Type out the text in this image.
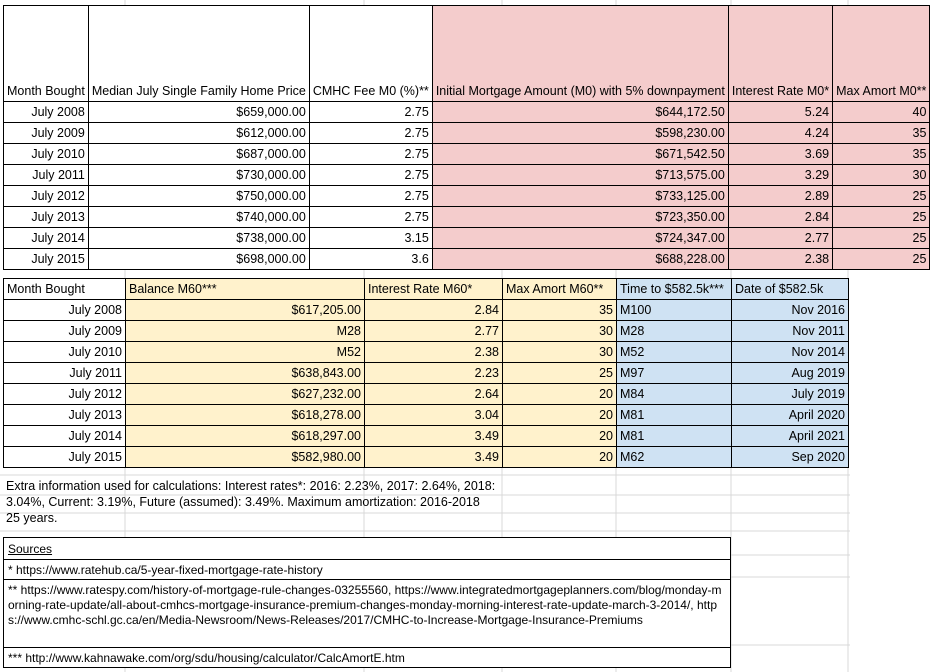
Month Bought	Median July Single Family Home Price	CMHC Fee M0 (%)**	Initial Mortgage Amount (M0) with 5% downpayment	Interest Rate M0*	Max Amort M0**
July 2008	$659,000.00	2.75	$644,172.50	5.24	40
July 2009	$612,000.00	2.75	$598,230.00	4.24	35
July 2010	$687,000.00	2.75	$671,542.50	3.69	35
July 2011	$730,000.00	2.75	$713,575.00	3.29	30
July 2012	$750,000.00	2.75	$733,125.00	2.89	25
July 2013	$740,000.00	2.75	$723,350.00	2.84	25
July 2014	$738,000.00	3.15	$724,347.00	2.77	25
July 2015	$698,000.00	3.6	$688,228.00	2.38	25
Month Bought	Balance M60***	Interest Rate M60*	Max Amort M60**	Time to $582.5k***	Date of $582.5k
July 2008	$617,205.00	2.84	35	M100	Nov 2016
July 2009	M28	2.77	30	M28	Nov 2011
July 2010	M52	2.38	30	M52	Nov 2014
July 2011	$638,843.00	2.23	25	M97	Aug 2019
July 2012	$627,232.00	2.64	20	M84	July 2019
July 2013	$618,278.00	3.04	20	M81	April 2020
July 2014	$618,297.00	3.49	20	M81	April 2021
July 2015	$582,980.00	3.49	20	M62	Sep 2020
Extra information used for calculations: Interest rates*: 2016: 2.23%, 2017: 2.64%, 2018: 3.04%, Current: 3.19%, Future (assumed): 3.49%. Maximum amortization: 2016-2018 25 years.
Sources
* https://www.ratehub.ca/5-year-fixed-mortgage-rate-history
** https://www.ratespy.com/history-of-mortgage-rule-changes-03255560, https://www.integratedmortgageplanners.com/blog/monday-morning-rate-update/all-about-cmhcs-mortgage-insurance-premium-changes-monday-morning-interest-rate-update-march-3-2014/, https://www.cmhc-schl.gc.ca/en/Media-Newsroom/News-Releases/2017/CMHC-to-Increase-Mortgage-Insurance-Premiums
*** http://www.kahnawake.com/org/sdu/housing/calculator/CalcAmortE.htm
